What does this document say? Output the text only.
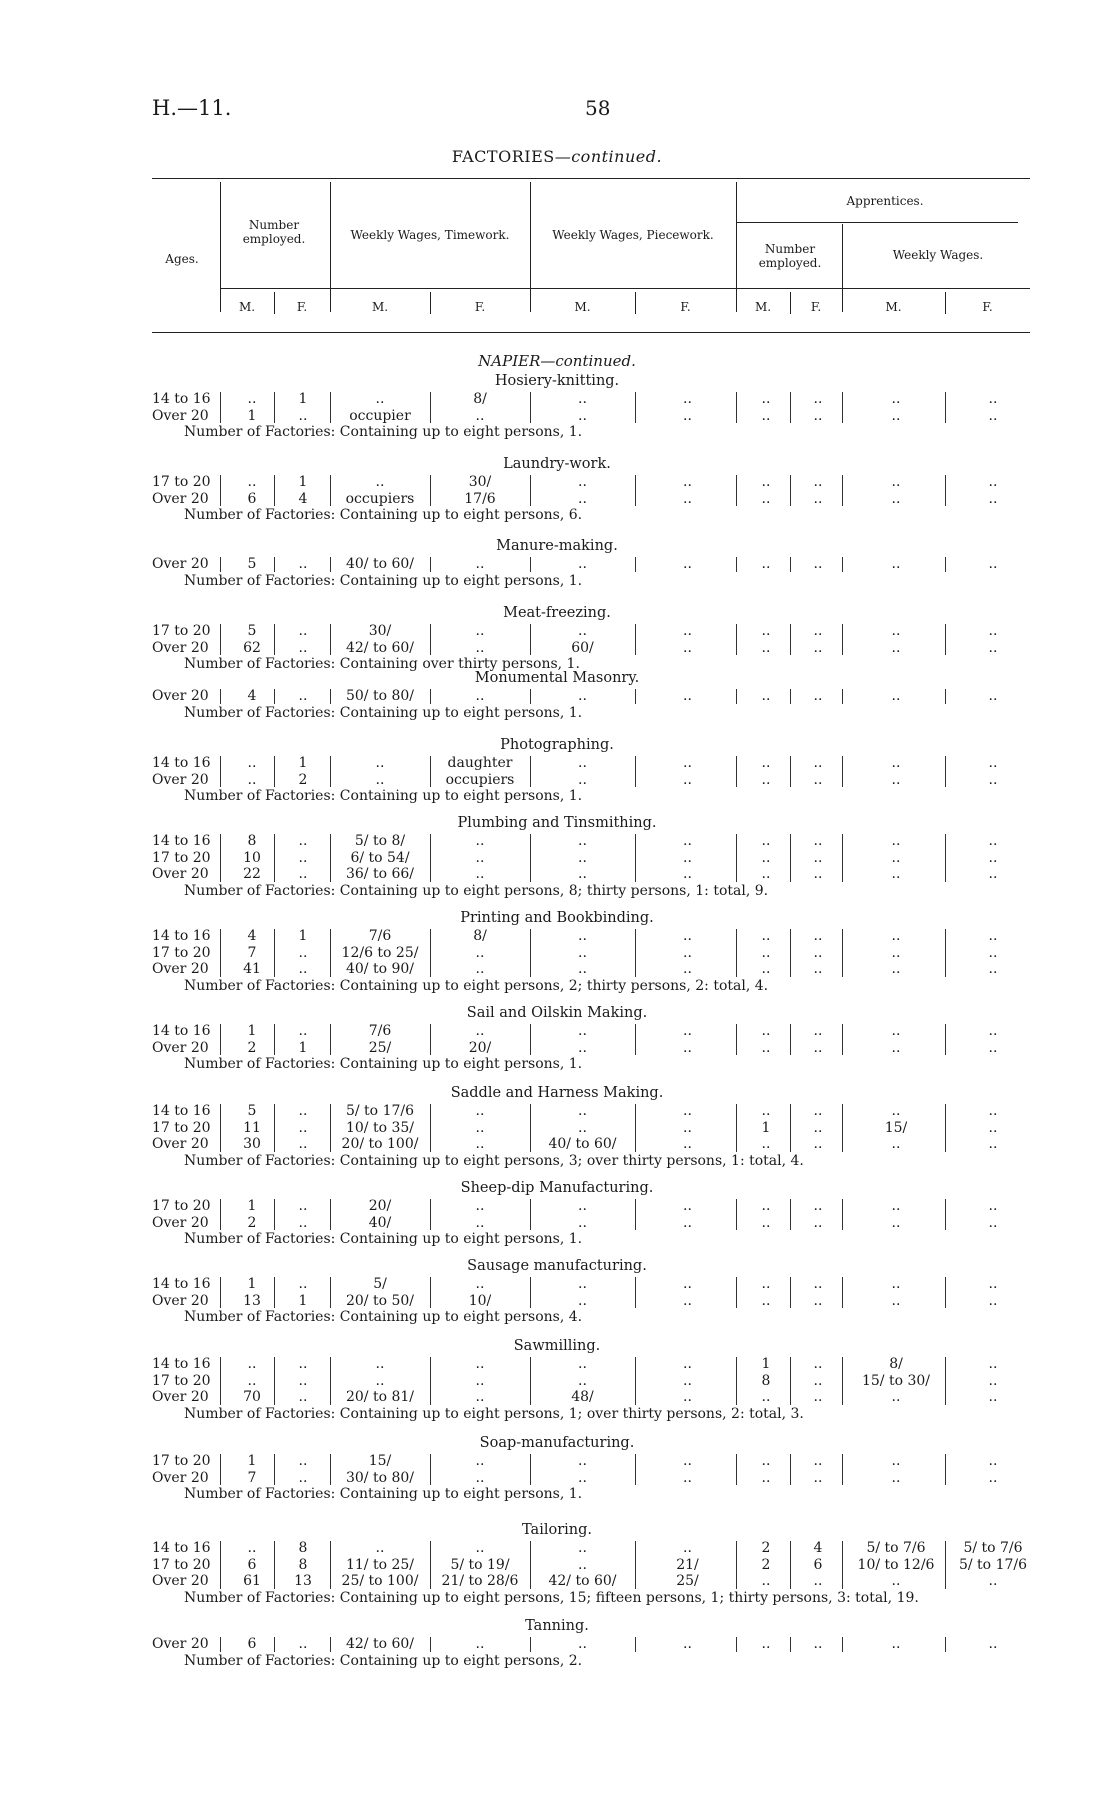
H.—11.	58
FACTORIES—continued.
Ages.
Number employed.	Weekly Wages, Timework.	Weekly Wages, Piecework.
Apprentices.
Number employed.
Weekly Wages.
M.	F.	M.	F.	M.	F.	M.	F.	M.	F.
NAPIER—continued.
Hosiery-knitting.
14 to 16	..	1	..	8/	..	..	..	..	..	..
Over 20	1	..	occupier	..	..	..	..	..	..	..
Number of Factories: Containing up to eight persons, 1.
Laundry-work.
17 to 20	..	1	..	30/	..	..	..	..	..	..
Over 20	6	4	occupiers	17/6	..	..	..	..	..	..
Number of Factories: Containing up to eight persons, 6.
Manure-making.
Over 20	5	..	40/ to 60/	..	..	..	..	..	..	..
Number of Factories: Containing up to eight persons, 1.
Meat-freezing.
17 to 20	5	..	30/	..	..	..	..	..	..	..
Over 20	62	..	42/ to 60/	..	60/	..	..	..	..	..
Number of Factories: Containing over thirty persons, 1.
Monumental Masonry.
Over 20	4	..	50/ to 80/	..	..	..	..	..	..	..
Number of Factories: Containing up to eight persons, 1.
Photographing.
14 to 16	..	1	..	daughter	..	..	..	..	..	..
Over 20	..	2	..	occupiers	..	..	..	..	..	..
Number of Factories: Containing up to eight persons, 1.
Plumbing and Tinsmithing.
14 to 16	8	..	5/ to 8/	..	..	..	..	..	..	..
17 to 20	10	..	6/ to 54/	..	..	..	..	..	..	..
Over 20	22	..	36/ to 66/	..	..	..	..	..	..	..
Number of Factories: Containing up to eight persons, 8; thirty persons, 1: total, 9.
Printing and Bookbinding.
14 to 16	4	1	7/6	8/	..	..	..	..	..	..
17 to 20	7	..	12/6 to 25/	..	..	..	..	..	..	..
Over 20	41	..	40/ to 90/	..	..	..	..	..	..	..
Number of Factories: Containing up to eight persons, 2; thirty persons, 2: total, 4.
Sail and Oilskin Making.
14 to 16	1	..	7/6	..	..	..	..	..	..	..
Over 20	2	1	25/	20/	..	..	..	..	..	..
Number of Factories: Containing up to eight persons, 1.
Saddle and Harness Making.
14 to 16	5	..	5/ to 17/6	..	..	..	..	..	..	..
17 to 20	11	..	10/ to 35/	..	..	..	1	..	15/	..
Over 20	30	..	20/ to 100/	..	40/ to 60/	..	..	..	..	..
Number of Factories: Containing up to eight persons, 3; over thirty persons, 1: total, 4.
Sheep-dip Manufacturing.
17 to 20	1	..	20/	..	..	..	..	..	..	..
Over 20	2	..	40/	..	..	..	..	..	..	..
Number of Factories: Containing up to eight persons, 1.
Sausage manufacturing.
14 to 16	1	..	5/	..	..	..	..	..	..	..
Over 20	13	1	20/ to 50/	10/	..	..	..	..	..	..
Number of Factories: Containing up to eight persons, 4.
Sawmilling.
14 to 16	..	..	..	..	..	..	1	..	8/	..
17 to 20	..	..	..	..	..	..	8	..	15/ to 30/	..
Over 20	70	..	20/ to 81/	..	48/	..	..	..	..	..
Number of Factories: Containing up to eight persons, 1; over thirty persons, 2: total, 3.
Soap-manufacturing.
17 to 20	1	..	15/	..	..	..	..	..	..	..
Over 20	7	..	30/ to 80/	..	..	..	..	..	..	..
Number of Factories: Containing up to eight persons, 1.
Tailoring.
14 to 16	..	8	..	..	..	..	2	4	5/ to 7/6	5/ to 7/6
17 to 20	6	8	11/ to 25/	5/ to 19/	..	21/	2	6	10/ to 12/6	5/ to 17/6
Over 20	61	13	25/ to 100/	21/ to 28/6	42/ to 60/	25/	..	..	..	..
Number of Factories: Containing up to eight persons, 15; fifteen persons, 1; thirty persons, 3: total, 19.
Tanning.
Over 20	6	..	42/ to 60/	..	..	..	..	..	..	..
Number of Factories: Containing up to eight persons, 2.
